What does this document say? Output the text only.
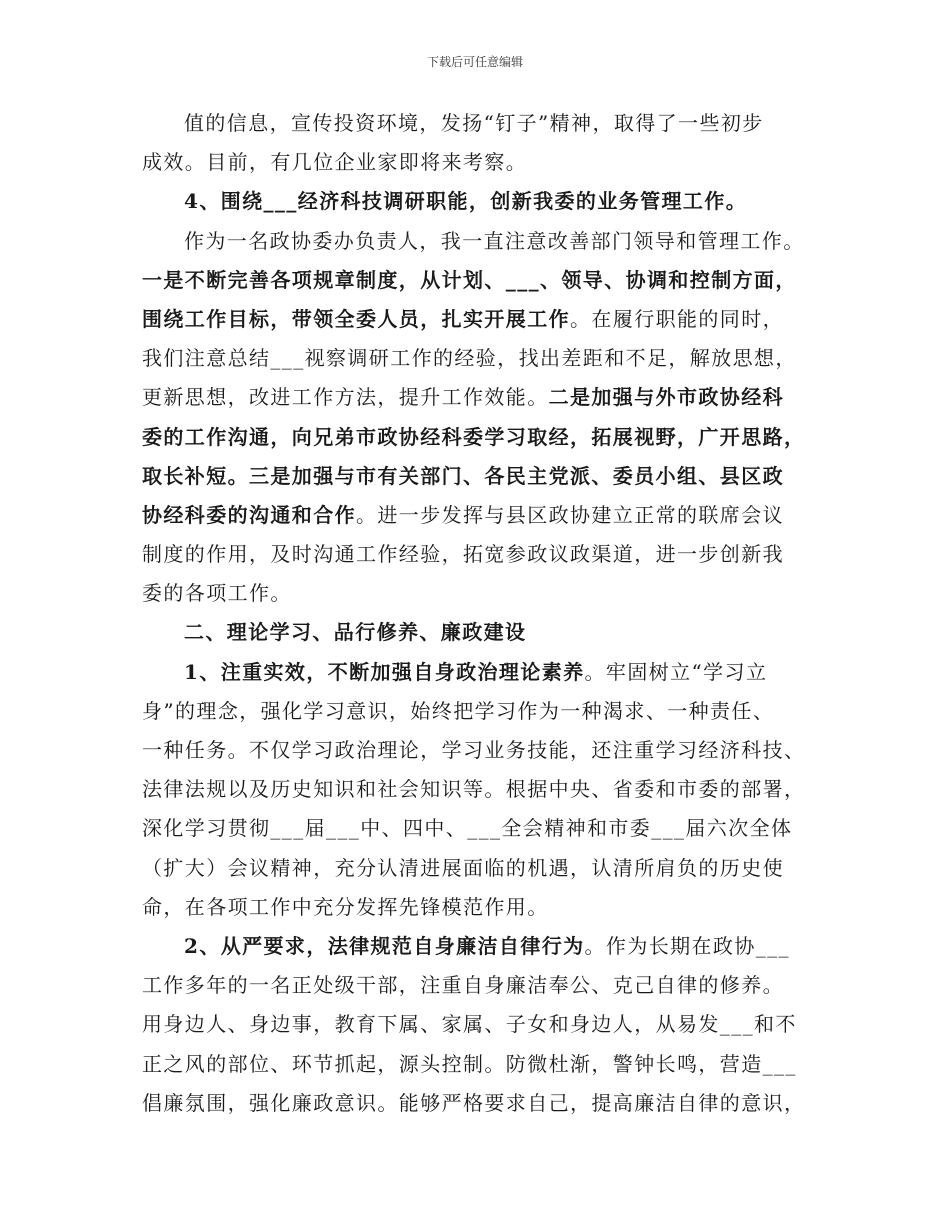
下载后可任意编辑
值的信息，宣传投资环境，发扬“钉子”精神，取得了一些初步
成效。目前，有几位企业家即将来考察。
4、围绕___经济科技调研职能，创新我委的业务管理工作。
作为一名政协委办负责人，我一直注意改善部门领导和管理工作。
一是不断完善各项规章制度，从计划、___、领导、协调和控制方面，
围绕工作目标，带领全委人员，扎实开展工作。在履行职能的同时，
我们注意总结___视察调研工作的经验，找出差距和不足，解放思想，
更新思想，改进工作方法，提升工作效能。二是加强与外市政协经科
委的工作沟通，向兄弟市政协经科委学习取经，拓展视野，广开思路，
取长补短。三是加强与市有关部门、各民主党派、委员小组、县区政
协经科委的沟通和合作。进一步发挥与县区政协建立正常的联席会议
制度的作用，及时沟通工作经验，拓宽参政议政渠道，进一步创新我
委的各项工作。
二、理论学习、品行修养、廉政建设
1、注重实效，不断加强自身政治理论素养。牢固树立“学习立
身”的理念，强化学习意识，始终把学习作为一种渴求、一种责任、
一种任务。不仅学习政治理论，学习业务技能，还注重学习经济科技、
法律法规以及历史知识和社会知识等。根据中央、省委和市委的部署，
深化学习贯彻___届___中、四中、___全会精神和市委___届六次全体
（扩大）会议精神，充分认清进展面临的机遇，认清所肩负的历史使
命，在各项工作中充分发挥先锋模范作用。
2、从严要求，法律规范自身廉洁自律行为。作为长期在政协___
工作多年的一名正处级干部，注重自身廉洁奉公、克己自律的修养。
用身边人、身边事，教育下属、家属、子女和身边人，从易发___和不
正之风的部位、环节抓起，源头控制。防微杜渐，警钟长鸣，营造___
倡廉氛围，强化廉政意识。能够严格要求自己，提高廉洁自律的意识，
